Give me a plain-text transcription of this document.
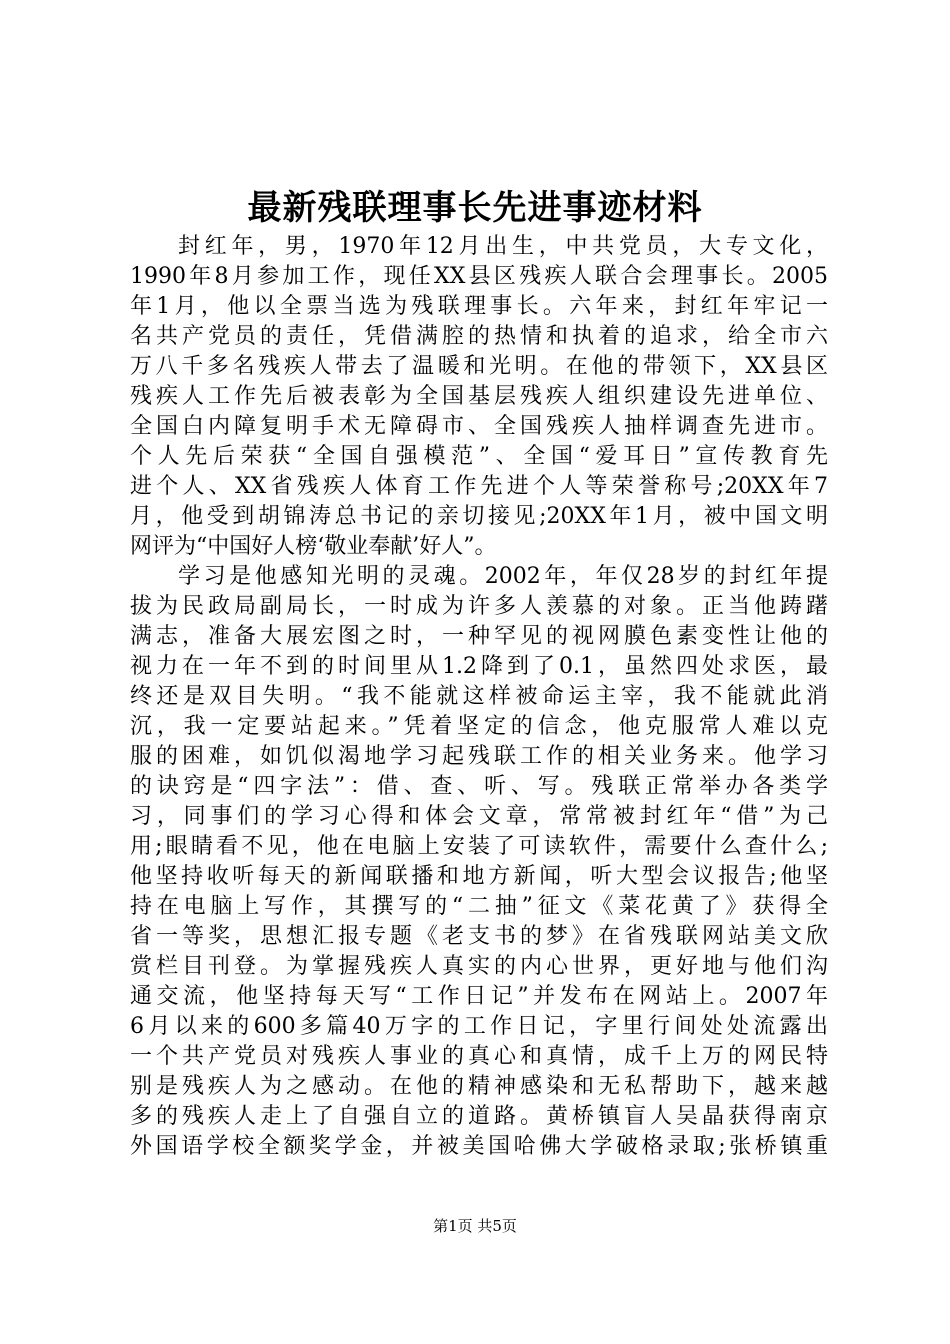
最新残联理事长先进事迹材料
封红年，男，1970年12月出生，中共党员，大专文化，
1990年8月参加工作，现任XX县区残疾人联合会理事长。2005
年1月，他以全票当选为残联理事长。六年来，封红年牢记一
名共产党员的责任，凭借满腔的热情和执着的追求，给全市六
万八千多名残疾人带去了温暖和光明。在他的带领下，XX县区
残疾人工作先后被表彰为全国基层残疾人组织建设先进单位、
全国白内障复明手术无障碍市、全国残疾人抽样调查先进市。
个人先后荣获“全国自强模范”、全国“爱耳日”宣传教育先
进个人、XX省残疾人体育工作先进个人等荣誉称号;20XX年7
月，他受到胡锦涛总书记的亲切接见;20XX年1月，被中国文明
网评为“中国好人榜‘敬业奉献’好人”。
学习是他感知光明的灵魂。2002年，年仅28岁的封红年提
拔为民政局副局长，一时成为许多人羡慕的对象。正当他踌躇
满志，准备大展宏图之时，一种罕见的视网膜色素变性让他的
视力在一年不到的时间里从1.2降到了0.1，虽然四处求医，最
终还是双目失明。“我不能就这样被命运主宰，我不能就此消
沉，我一定要站起来。”凭着坚定的信念，他克服常人难以克
服的困难，如饥似渴地学习起残联工作的相关业务来。他学习
的诀窍是“四字法”：借、查、听、写。残联正常举办各类学
习，同事们的学习心得和体会文章，常常被封红年“借”为己
用;眼睛看不见，他在电脑上安装了可读软件，需要什么查什么;
他坚持收听每天的新闻联播和地方新闻，听大型会议报告;他坚
持在电脑上写作，其撰写的“二抽”征文《菜花黄了》获得全
省一等奖，思想汇报专题《老支书的梦》在省残联网站美文欣
赏栏目刊登。为掌握残疾人真实的内心世界，更好地与他们沟
通交流，他坚持每天写“工作日记”并发布在网站上。2007年
6月以来的600多篇40万字的工作日记，字里行间处处流露出
一个共产党员对残疾人事业的真心和真情，成千上万的网民特
别是残疾人为之感动。在他的精神感染和无私帮助下，越来越
多的残疾人走上了自强自立的道路。黄桥镇盲人吴晶获得南京
外国语学校全额奖学金，并被美国哈佛大学破格录取;张桥镇重
第1页 共5页
